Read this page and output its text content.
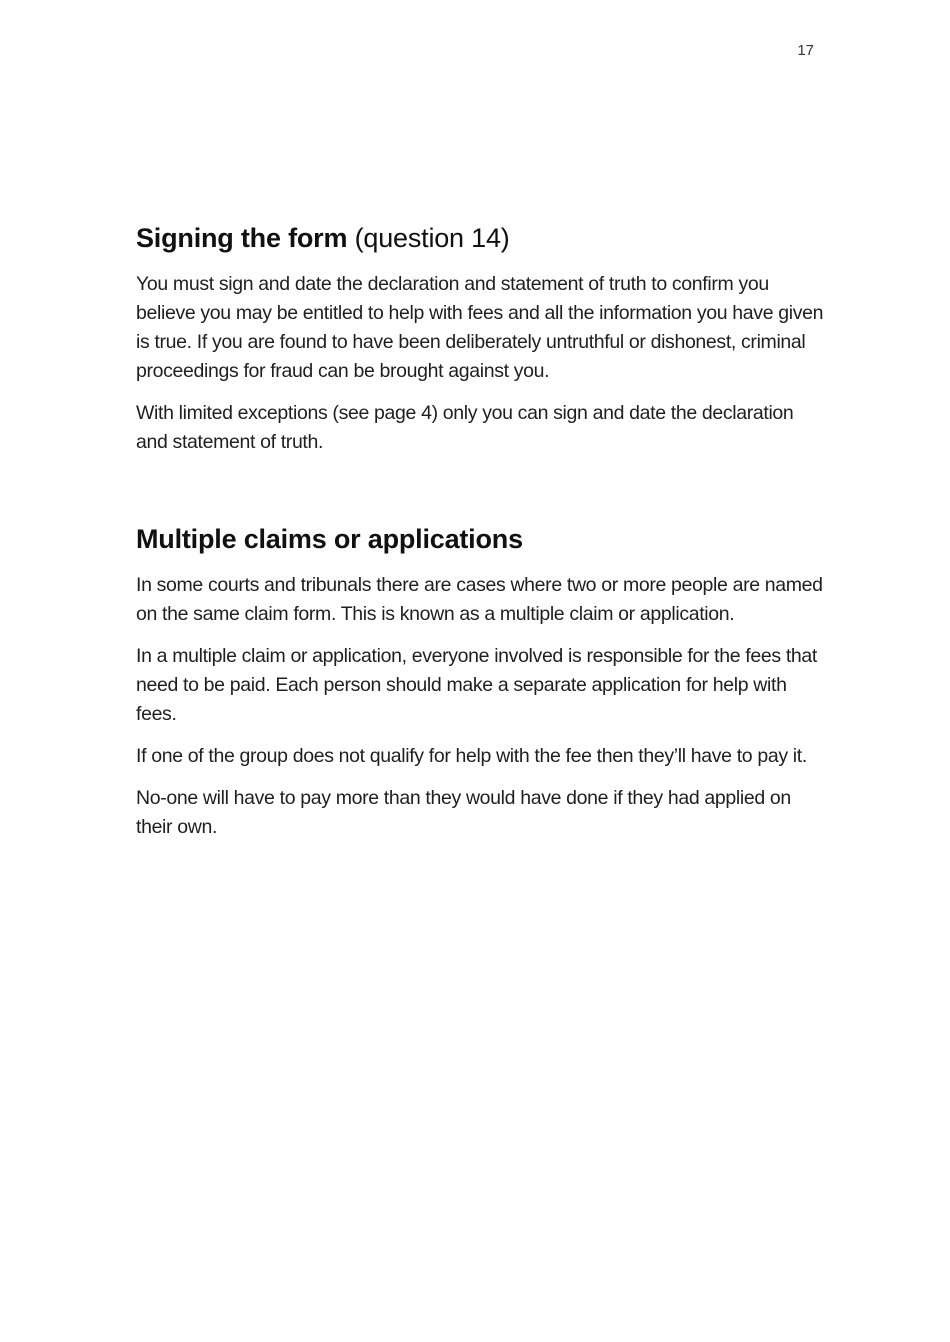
17
Signing the form (question 14)

You must sign and date the declaration and statement of truth to confirm you believe you may be entitled to help with fees and all the information you have given is true. If you are found to have been deliberately untruthful or dishonest, criminal proceedings for fraud can be brought against you.

With limited exceptions (see page 4) only you can sign and date the declaration and statement of truth.

Multiple claims or applications

In some courts and tribunals there are cases where two or more people are named on the same claim form. This is known as a multiple claim or application.

In a multiple claim or application, everyone involved is responsible for the fees that need to be paid. Each person should make a separate application for help with fees.

If one of the group does not qualify for help with the fee then they’ll have to pay it.

No-one will have to pay more than they would have done if they had applied on their own.
